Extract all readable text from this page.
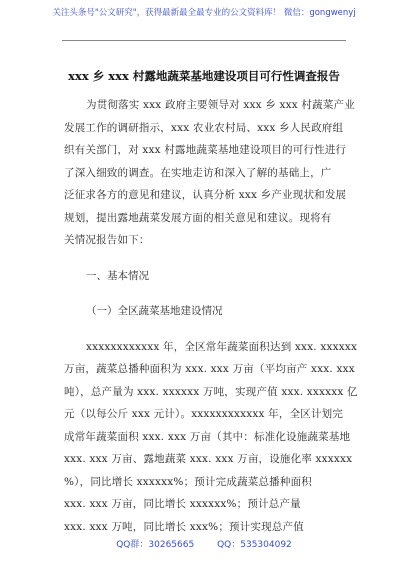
关注头条号"公文研究"，获得最新最全最专业的公文资料库！ 微信：gongwenyj
xxx 乡 xxx 村露地蔬菜基地建设项目可行性调查报告

为贯彻落实 xxx 政府主要领导对 xxx 乡 xxx 村蔬菜产业

发展工作的调研指示，xxx 农业农村局、xxx 乡人民政府组

织有关部门，对 xxx 村露地蔬菜基地建设项目的可行性进行

了深入细致的调查。在实地走访和深入了解的基础上，广

泛征求各方的意见和建议，认真分析 xxx 乡产业现状和发展

规划，提出露地蔬菜发展方面的相关意见和建议。现将有

关情况报告如下：

一、基本情况
（一）全区蔬菜基地建设情况

xxxxxxxxxxxx 年，全区常年蔬菜面积达到 xxx. xxxxxx

万亩，蔬菜总播种面积为 xxx. xxx 万亩（平均亩产 xxx. xxx

吨），总产量为 xxx. xxxxxx 万吨，实现产值 xxx. xxxxxx 亿

元（以每公斤 xxx 元计）。xxxxxxxxxxxx 年，全区计划完

成常年蔬菜面积 xxx. xxx 万亩（其中：标准化设施蔬菜基地

xxx. xxx 万亩、露地蔬菜 xxx. xxx 万亩，设施化率 xxxxxx

%），同比增长 xxxxxx%；预计完成蔬菜总播种面积

xxx. xxx 万亩，同比增长 xxxxxx%；预计总产量

xxx. xxx 万吨，同比增长 xxx%；预计实现总产值

QQ群：30265665	QQ：535304092
